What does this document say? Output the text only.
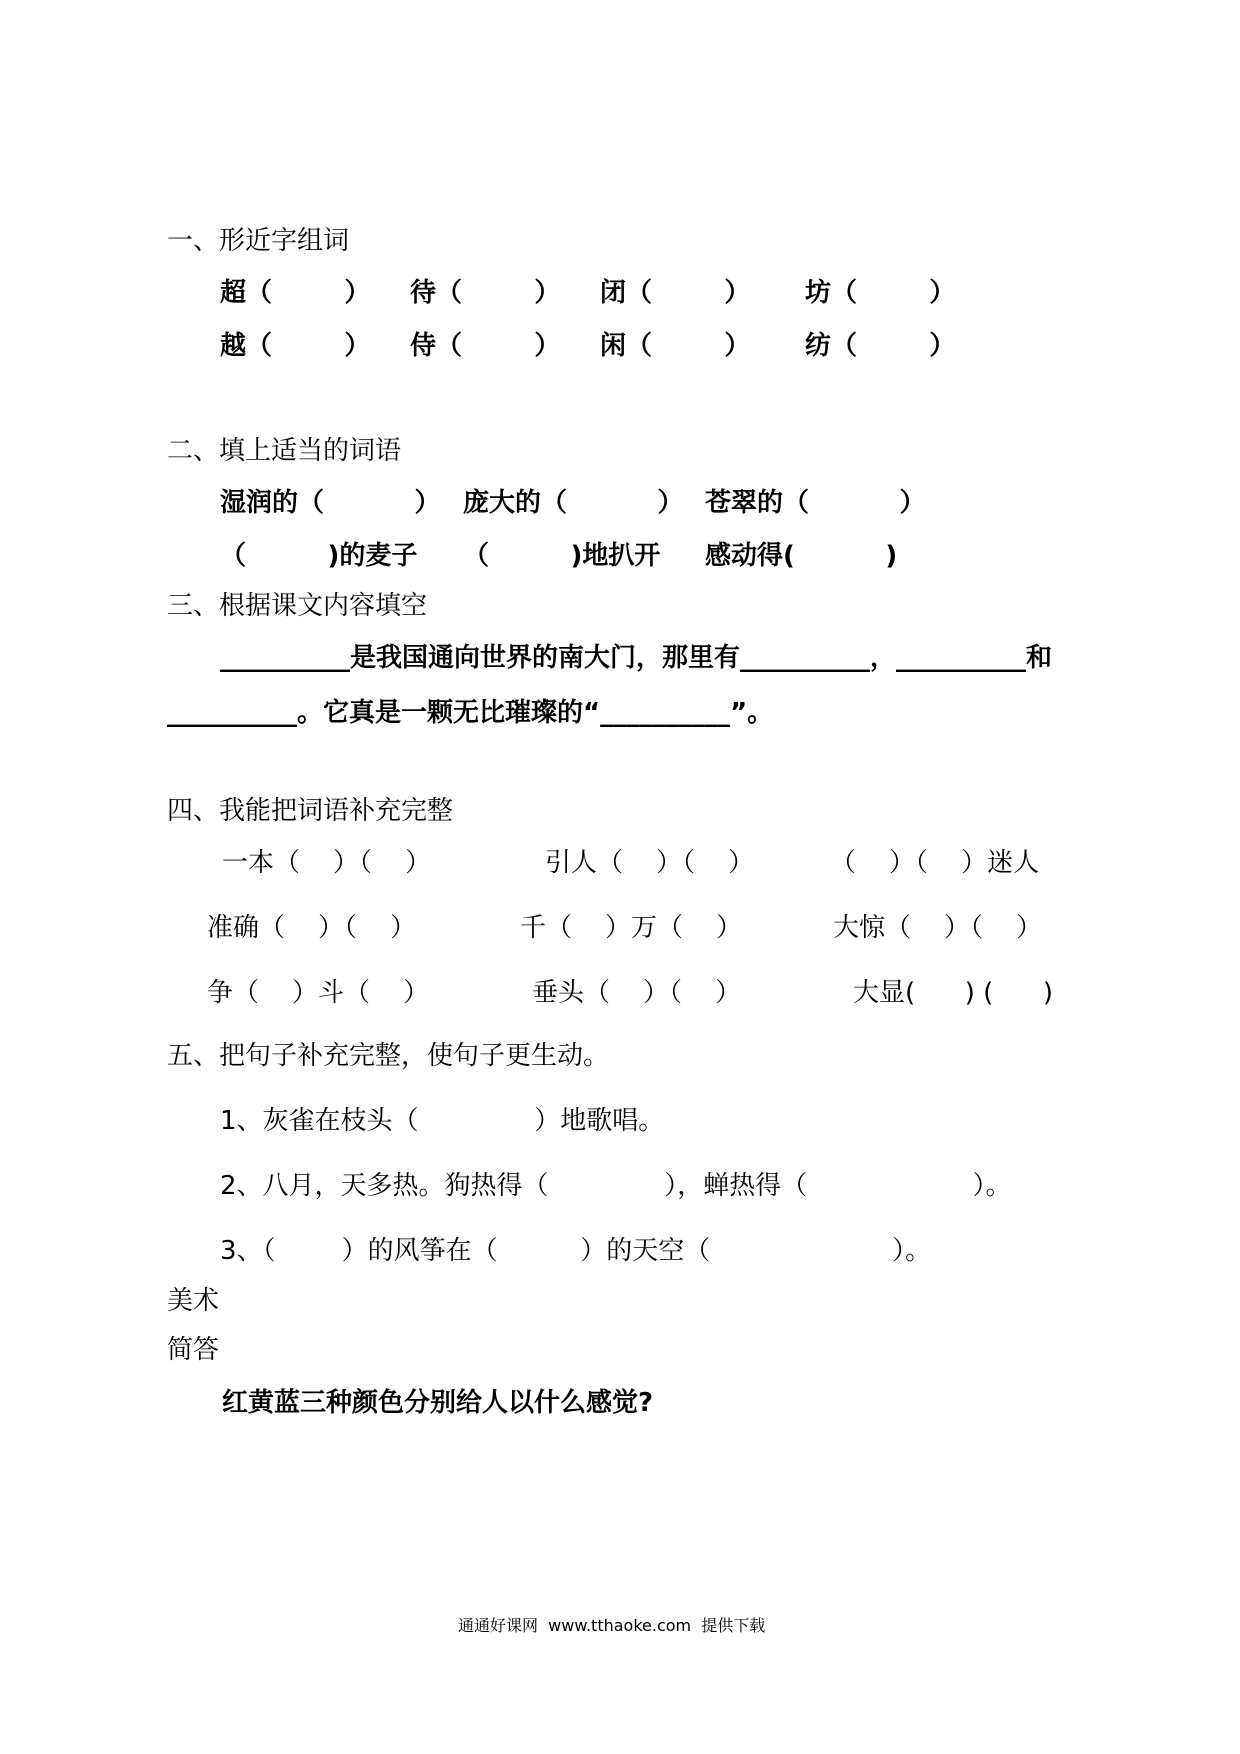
一、形近字组词
超（        ） 待（        ） 闭（        ） 坊（        ）
越（        ） 侍（        ） 闲（        ） 纺（        ）
二、填上适当的词语
湿润的（          ） 庞大的（          ） 苍翠的（          ）
（         )的麦子 （         )地扒开 感动得(          )
三、根据课文内容填空
__________是我国通向世界的南大门，那里有__________，__________和
__________。它真是一颗无比璀璨的“__________”。
四、我能把词语补充完整
一本（    ）（    ）	引人（    ）（    ）	（    ）（    ）迷人
准确（    ）（    ）	千（    ）万（    ）	大惊（    ）（    ）
争（    ）斗（    ）	垂头（    ）（    ）	大显(      ) (      )
五、把句子补充完整，使句子更生动。
1、灰雀在枝头（              ）地歌唱。
2、八月，天多热。狗热得（              ），蝉热得（                    ）。
3、（        ）的风筝在（          ）的天空（                      ）。
美术
简答
红黄蓝三种颜色分别给人以什么感觉?
通通好课网  www.tthaoke.com  提供下载
